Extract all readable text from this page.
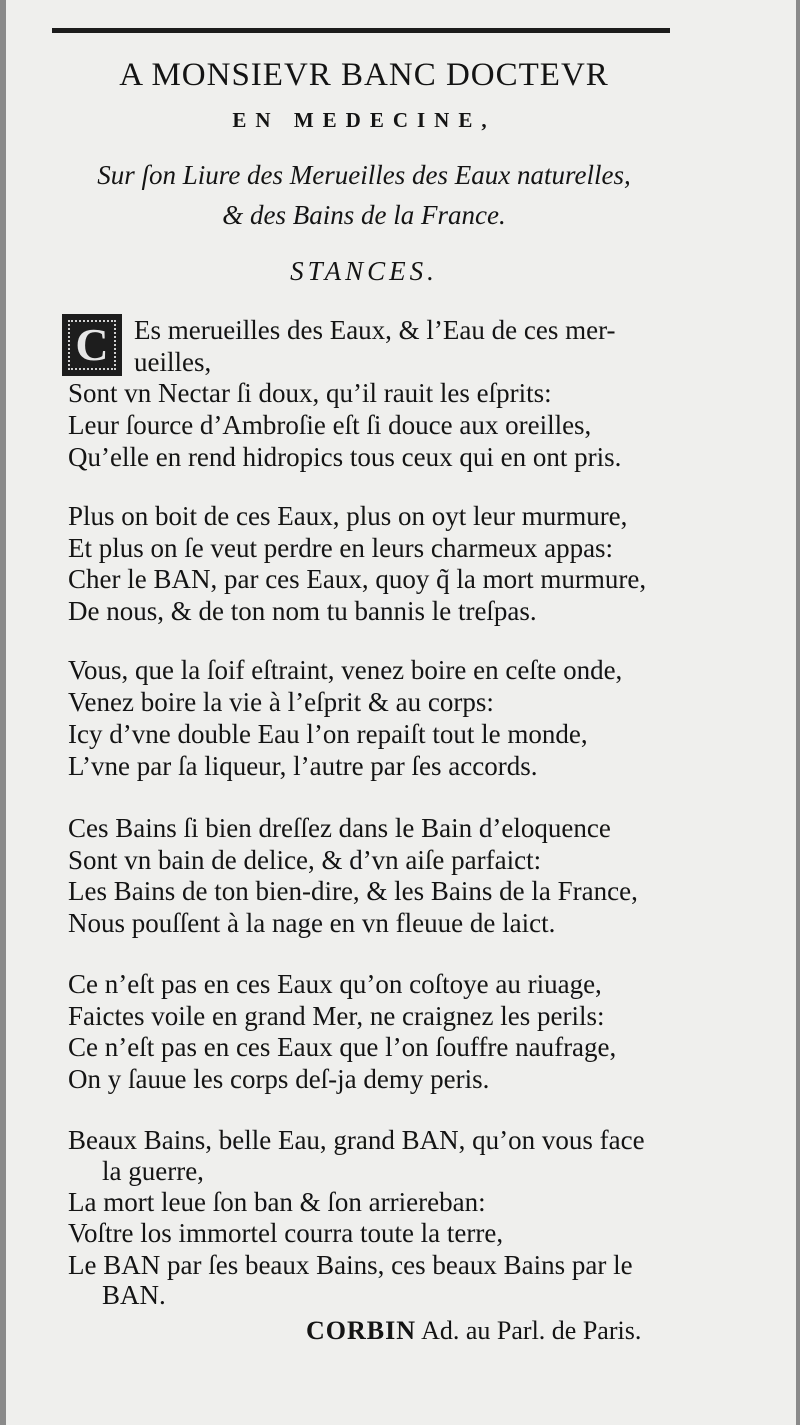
A MONSIEVR BANC DOCTEVR
EN MEDECINE,
Sur ſon Liure des Merueilles des Eaux naturelles,
& des Bains de la France.
STANCES.
C Es merueilles des Eaux, & l’Eau de ces mer-
ueilles,
Sont vn Nectar ſi doux, qu’il rauit les eſprits:
Leur ſource d’Ambroſie eſt ſi douce aux oreilles,
Qu’elle en rend hidropics tous ceux qui en ont pris.
Plus on boit de ces Eaux, plus on oyt leur murmure,
Et plus on ſe veut perdre en leurs charmeux appas:
Cher le BAN, par ces Eaux, quoy q̃ la mort murmure,
De nous, & de ton nom tu bannis le treſpas.
Vous, que la ſoif eſtraint, venez boire en ceſte onde,
Venez boire la vie à l’eſprit & au corps:
Icy d’vne double Eau l’on repaiſt tout le monde,
L’vne par ſa liqueur, l’autre par ſes accords.
Ces Bains ſi bien dreſſez dans le Bain d’eloquence
Sont vn bain de delice, & d’vn aiſe parfaict:
Les Bains de ton bien-dire, & les Bains de la France,
Nous pouſſent à la nage en vn fleuue de laict.
Ce n’eſt pas en ces Eaux qu’on coſtoye au riuage,
Faictes voile en grand Mer, ne craignez les perils:
Ce n’eſt pas en ces Eaux que l’on ſouffre naufrage,
On y ſauue les corps deſ-ja demy peris.
Beaux Bains, belle Eau, grand BAN, qu’on vous face
la guerre,
La mort leue ſon ban & ſon arriereban:
Voſtre los immortel courra toute la terre,
Le BAN par ſes beaux Bains, ces beaux Bains par le
BAN.
CORBIN Ad. au Parl. de Paris.
